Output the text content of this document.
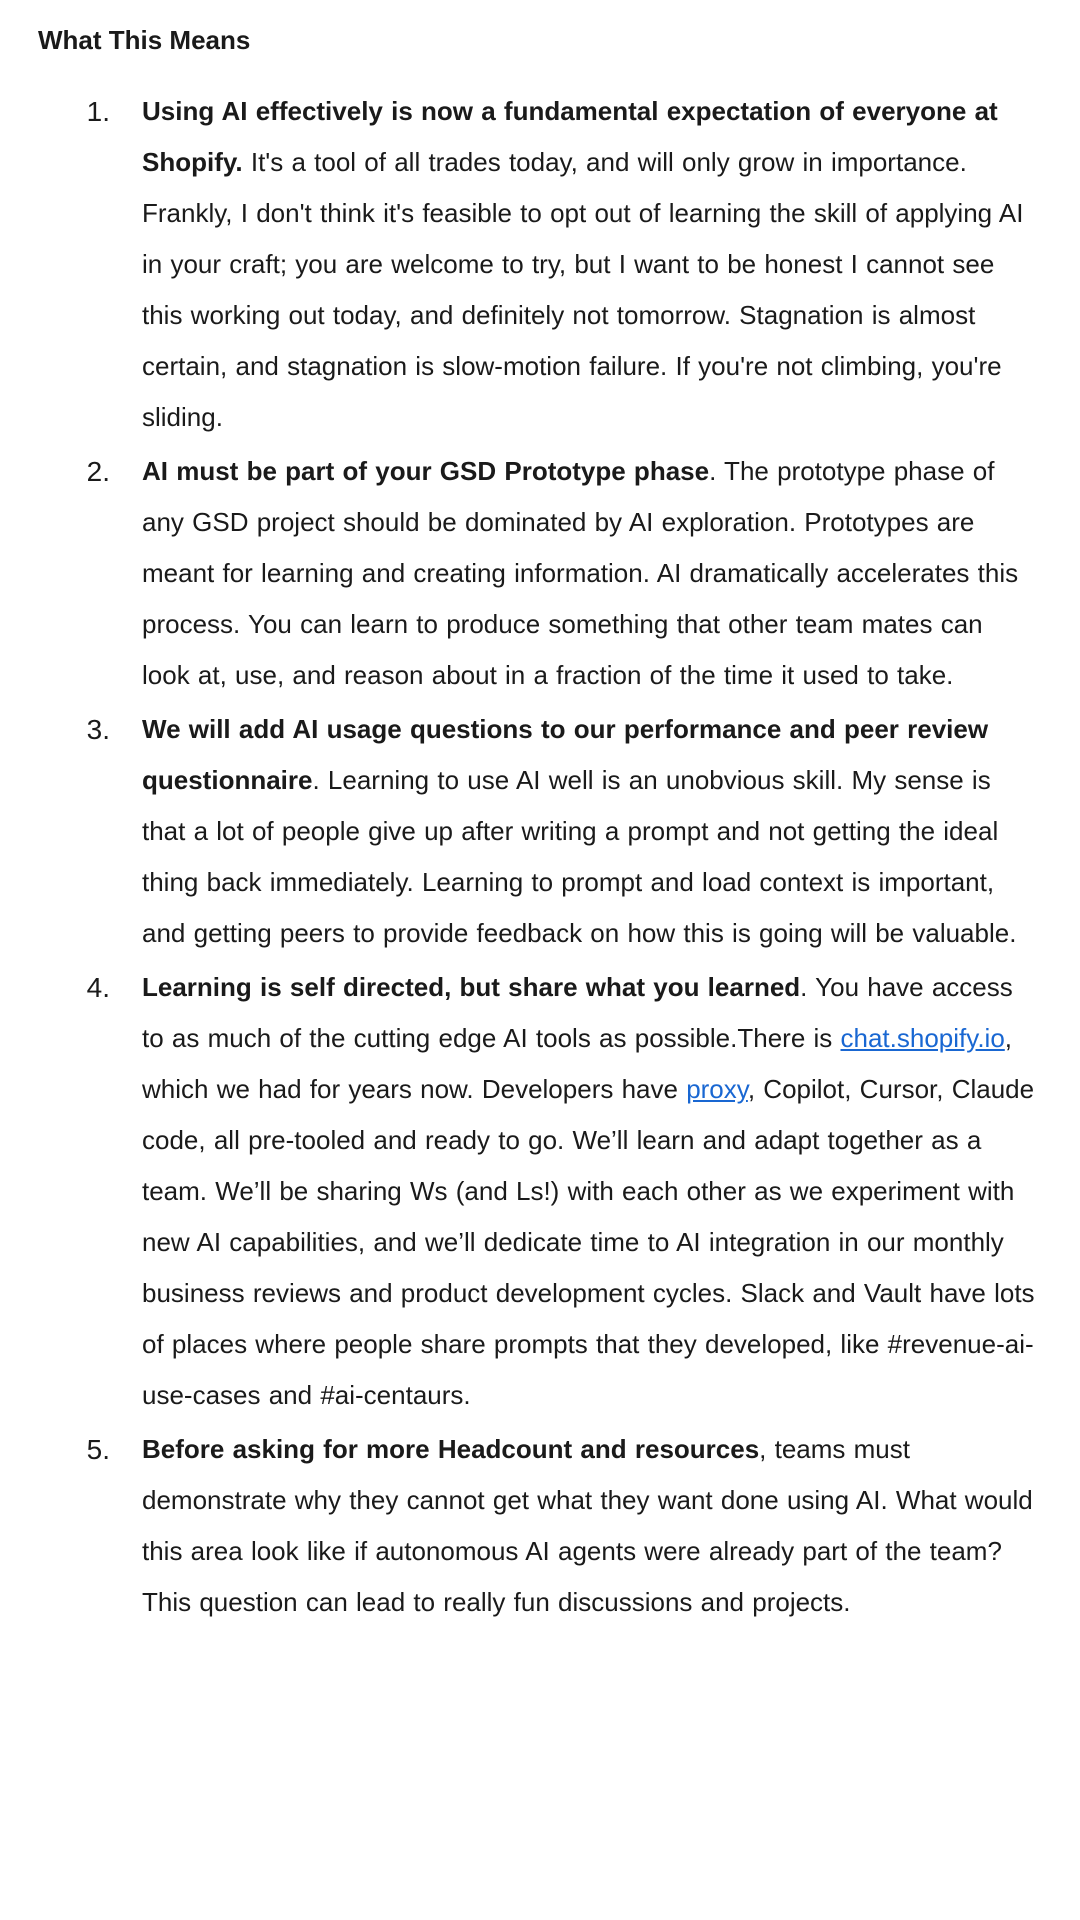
What This Means
1. Using AI effectively is now a fundamental expectation of everyone at Shopify. It's a tool of all trades today, and will only grow in importance. Frankly, I don't think it's feasible to opt out of learning the skill of applying AI in your craft; you are welcome to try, but I want to be honest I cannot see this working out today, and definitely not tomorrow. Stagnation is almost certain, and stagnation is slow-motion failure. If you're not climbing, you're sliding.
2. AI must be part of your GSD Prototype phase. The prototype phase of any GSD project should be dominated by AI exploration. Prototypes are meant for learning and creating information. AI dramatically accelerates this process. You can learn to produce something that other team mates can look at, use, and reason about in a fraction of the time it used to take.
3. We will add AI usage questions to our performance and peer review questionnaire. Learning to use AI well is an unobvious skill. My sense is that a lot of people give up after writing a prompt and not getting the ideal thing back immediately. Learning to prompt and load context is important, and getting peers to provide feedback on how this is going will be valuable.
4. Learning is self directed, but share what you learned. You have access to as much of the cutting edge AI tools as possible.There is chat.shopify.io, which we had for years now. Developers have proxy, Copilot, Cursor, Claude code, all pre-tooled and ready to go. We’ll learn and adapt together as a team. We’ll be sharing Ws (and Ls!) with each other as we experiment with new AI capabilities, and we’ll dedicate time to AI integration in our monthly business reviews and product development cycles. Slack and Vault have lots of places where people share prompts that they developed, like #revenue-ai-use-cases and #ai-centaurs.
5. Before asking for more Headcount and resources, teams must demonstrate why they cannot get what they want done using AI. What would this area look like if autonomous AI agents were already part of the team? This question can lead to really fun discussions and projects.
